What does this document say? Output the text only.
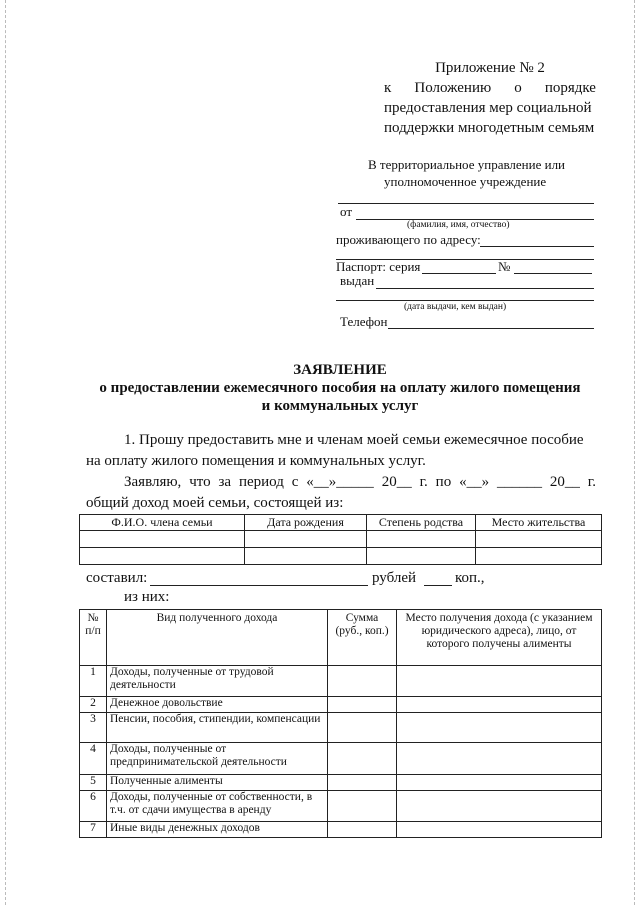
Приложение № 2
к Положению о порядке
предоставления мер социальной
поддержки многодетным семьям
В территориальное управление или
уполномоченное учреждение
от
(фамилия, имя, отчество)
проживающего по адресу:
Паспорт: серия	№
выдан
(дата выдачи, кем выдан)
Телефон
ЗАЯВЛЕНИЕ
о предоставлении ежемесячного пособия на оплату жилого помещения
и коммунальных услуг
1. Прошу предоставить мне и членам моей семьи ежемесячное пособие
на оплату жилого помещения и коммунальных услуг.
Заявляю, что за период с «__»_____ 20__ г. по «__» ______ 20__ г.
общий доход моей семьи, состоящей из:
Ф.И.О. члена семьи	Дата рождения	Степень родства	Место жительства

составил:	рублей	коп.,
из них:
№ п/п	Вид полученного дохода	Сумма (руб., коп.)	Место получения дохода (с указанием юридического адреса), лицо, от которого получены алименты
1	Доходы, полученные от трудовой деятельности		
2	Денежное довольствие		
3	Пенсии, пособия, стипендии, компенсации		
4	Доходы, полученные от предпринимательской деятельности		
5	Полученные алименты		
6	Доходы, полученные от собственности, в т.ч. от сдачи имущества в аренду		
7	Иные виды денежных доходов		
